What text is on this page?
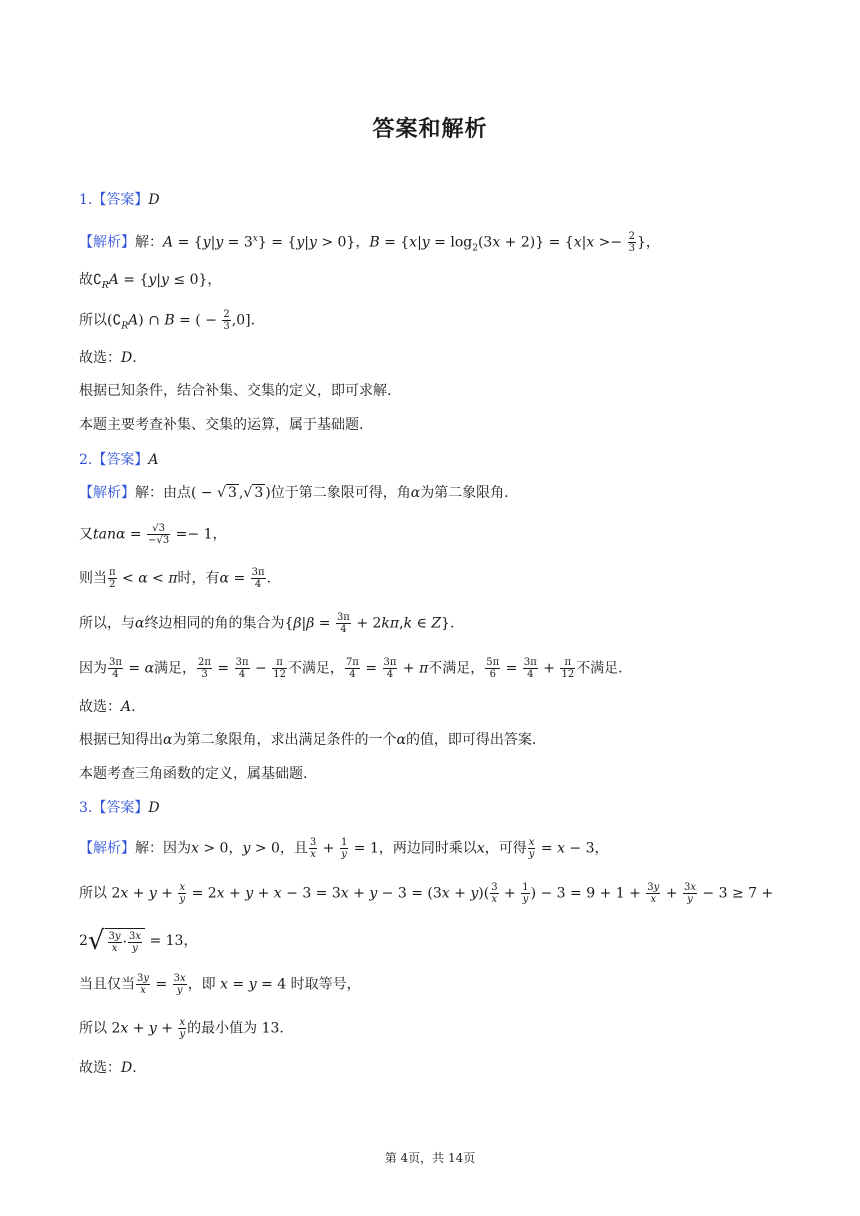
答案和解析
1.【答案】D
【解析】解：$A = \{y|y = 3^x\} = \{y|y > 0\}$，$B = \{x|y = \log_2(3x + 2)\} = \{x|x >- \frac{2}{3}$ }，
故$∁_RA = \{y|y \le 0\}$，
所以$(∁_RA)$ ∩ B = ( − $\frac{2}{3} ,0$].
故选：D.
根据已知条件，结合补集、交集的定义，即可求解.
本题主要考查补集、交集的运算，属于基础题.
2.【答案】A
【解析】解：由点( − √ 3 ,√ 3 )位于第二象限可得，角α为第二象限角.
又$\tan\alpha = \frac{√3}{-√3} =- 1$，
则当 $\frac{\pi}{2} < \alpha < \pi$时，有$\alpha = \frac{3\pi}{4}$ .
所以，与α终边相同的角的集合为{$\beta|\beta = \frac{3\pi}{4} + 2k\pi,k$ ∈ Z}.
因为 $\frac{3\pi}{4} = \alpha$满足， $\frac{2\pi}{3} = \frac{3\pi}{4} - \frac{\pi}{12}$ 不满足， $\frac{7\pi}{4} = \frac{3\pi}{4} + \pi$不满足， $\frac{5\pi}{6} = \frac{3\pi}{4} + \frac{\pi}{12}$ 不满足.
故选：A.
根据已知得出α为第二象限角，求出满足条件的一个α的值，即可得出答案.
本题考查三角函数的定义，属基础题.
3.【答案】D
【解析】解：因为x > 0，y > 0，且 $\frac{3}{x} + \frac{1}{y} = 1$，两边同时乘以x，可得 $\frac{x}{y} = x - 3$，
所以 $2x + y + \frac{x}{y} = 2x + y + x - 3 = 3x + y - 3 = (3x + y)( \frac{3}{x} + \frac{1}{y}$ ) − $3 = 9 + 1 + \frac{3y}{x} + \frac{3x}{y} - 3 \ge 7$ +
$2√ \frac{3y}{x} \cdot \frac{3x}{y} = 13$，
当且仅当 $\frac{3y}{x} = \frac{3x}{y}$ ，即 x = y = 4 时取等号，
所以 $2x + y + \frac{x}{y}$ 的最小值为 13.
故选：D.
第 4页，共 14页
